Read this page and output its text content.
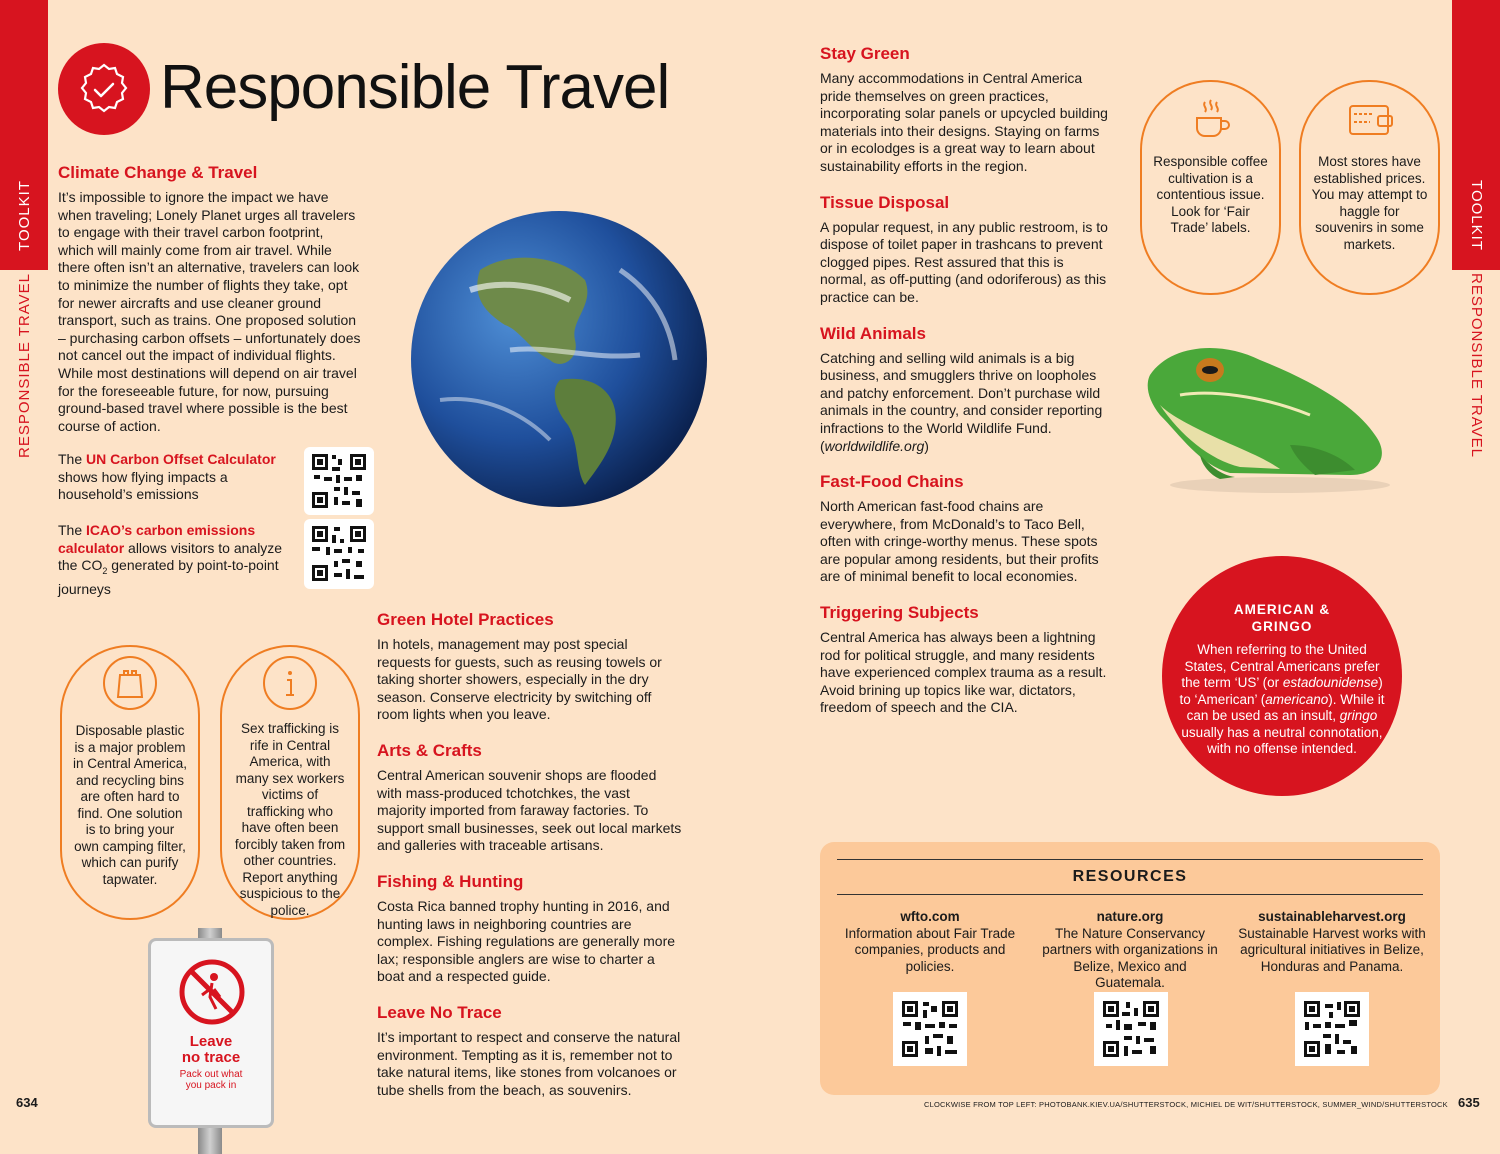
TOOLKIT
RESPONSIBLE TRAVEL
TOOLKIT
RESPONSIBLE TRAVEL
Responsible Travel

Climate Change & Travel

It’s impossible to ignore the impact we have when traveling; Lonely Planet urges all travelers to engage with their travel carbon footprint, which will mainly come from air travel. While there often isn’t an alternative, travelers can look to minimize the number of flights they take, opt for newer aircrafts and use cleaner ground transport, such as trains. One proposed solution – purchasing carbon offsets – unfortunately does not cancel out the impact of individual flights. While most destinations will depend on air travel for the foreseeable future, for now, pursuing ground-based travel where possible is the best course of action.

The UN Carbon Offset Calculator shows how flying impacts a household’s emissions

The ICAO’s carbon emissions calculator allows visitors to analyze the $CO_2$ generated by point-to-point journeys

Disposable plastic is a major problem in Central America, and recycling bins are often hard to find. One solution is to bring your own camping filter, which can purify tapwater.
Sex trafficking is rife in Central America, with many sex workers victims of trafficking who have often been forcibly taken from other countries. Report anything suspicious to the police.
Leave
no trace
Pack out what
you pack in
634

Green Hotel Practices

In hotels, management may post special requests for guests, such as reusing towels or taking shorter showers, especially in the dry season. Conserve electricity by switching off room lights when you leave.

Arts & Crafts

Central American souvenir shops are flooded with mass-produced tchotchkes, the vast majority imported from faraway factories. To support small businesses, seek out local markets and galleries with traceable artisans.

Fishing & Hunting

Costa Rica banned trophy hunting in 2016, and hunting laws in neighboring countries are complex. Fishing regulations are generally more lax; responsible anglers are wise to charter a boat and a respected guide.

Leave No Trace

It’s important to respect and conserve the natural environment. Tempting as it is, remember not to take natural items, like stones from volcanoes or tube shells from the beach, as souvenirs.

Stay Green

Many accommodations in Central America pride themselves on green practices, incorporating solar panels or upcycled building materials into their designs. Staying on farms or in ecolodges is a great way to learn about sustainability efforts in the region.

Tissue Disposal

A popular request, in any public restroom, is to dispose of toilet paper in trashcans to prevent clogged pipes. Rest assured that this is normal, as off-putting (and odoriferous) as this practice can be.

Wild Animals

Catching and selling wild animals is a big business, and smugglers thrive on loopholes and patchy enforcement. Don’t purchase wild animals in the country, and consider reporting infractions to the World Wildlife Fund. (worldwildlife.org)

Fast-Food Chains

North American fast-food chains are everywhere, from McDonald’s to Taco Bell, often with cringe-worthy menus. These spots are popular among residents, but their profits are of minimal benefit to local economies.

Triggering Subjects

Central America has always been a lightning rod for political struggle, and many residents have experienced complex trauma as a result. Avoid brining up topics like war, dictators, freedom of speech and the CIA.

Responsible coffee cultivation is a contentious issue. Look for ‘Fair Trade’ labels.
Most stores have established prices. You may attempt to haggle for souvenirs in some markets.
AMERICAN & GRINGO

When referring to the United States, Central Americans prefer the term ‘US’ (or estadounidense) to ‘American’ (americano). While it can be used as an insult, gringo usually has a neutral connotation, with no offense intended.

RESOURCES
wfto.com
Information about Fair Trade companies, products and policies.
nature.org
The Nature Conservancy partners with organizations in Belize, Mexico and Guatemala.
sustainableharvest.org
Sustainable Harvest works with agricultural initiatives in Belize, Honduras and Panama.
CLOCKWISE FROM TOP LEFT: PHOTOBANK.KIEV.UA/SHUTTERSTOCK, MICHIEL DE WIT/SHUTTERSTOCK, SUMMER_WIND/SHUTTERSTOCK 635
